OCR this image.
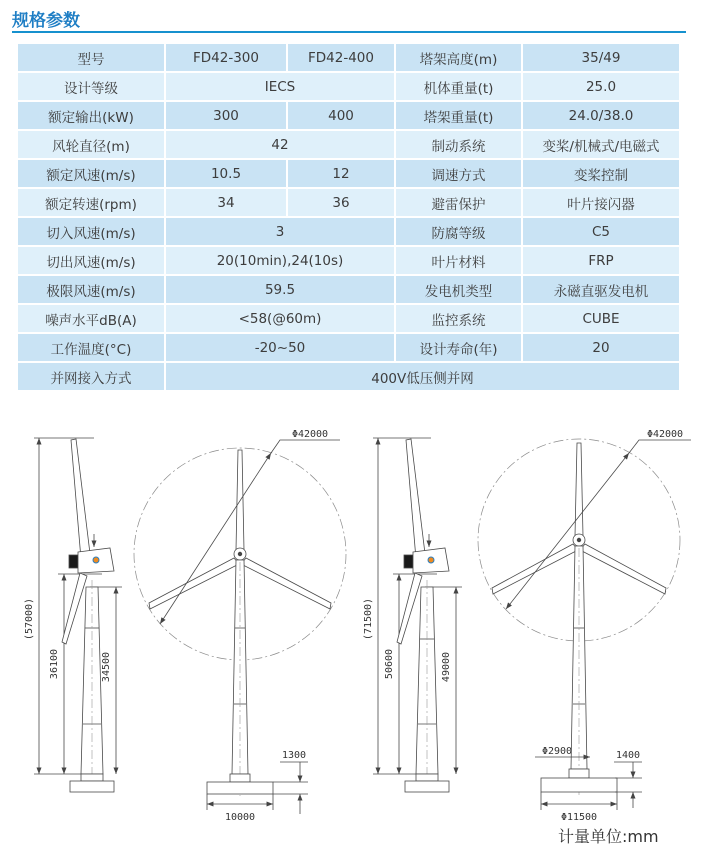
规格参数
型号	FD42-300	FD42-400	塔架高度(m)	35/49
设计等级	IECS		机体重量(t)	25.0
额定输出(kW)	300	400	塔架重量(t)	24.0/38.0
风轮直径(m)	42		制动系统	变桨/机械式/电磁式
额定风速(m/s)	10.5	12	调速方式	变桨控制
额定转速(rpm)	34	36	避雷保护	叶片接闪器
切入风速(m/s)	3		防腐等级	C5
切出风速(m/s)	20(10min),24(10s)		叶片材料	FRP
极限风速(m/s)	59.5		发电机类型	永磁直驱发电机
噪声水平dB(A)	<58(@60m)		监控系统	CUBE
工作温度(°C)	-20~50		设计寿命(年)	20
并网接入方式	400V低压侧并网			
(57000)
36100	34500
Φ42000
1300
10000
(71500)
50600	49000
Φ42000
Φ2900	1400
Φ11500
计量单位:mm
